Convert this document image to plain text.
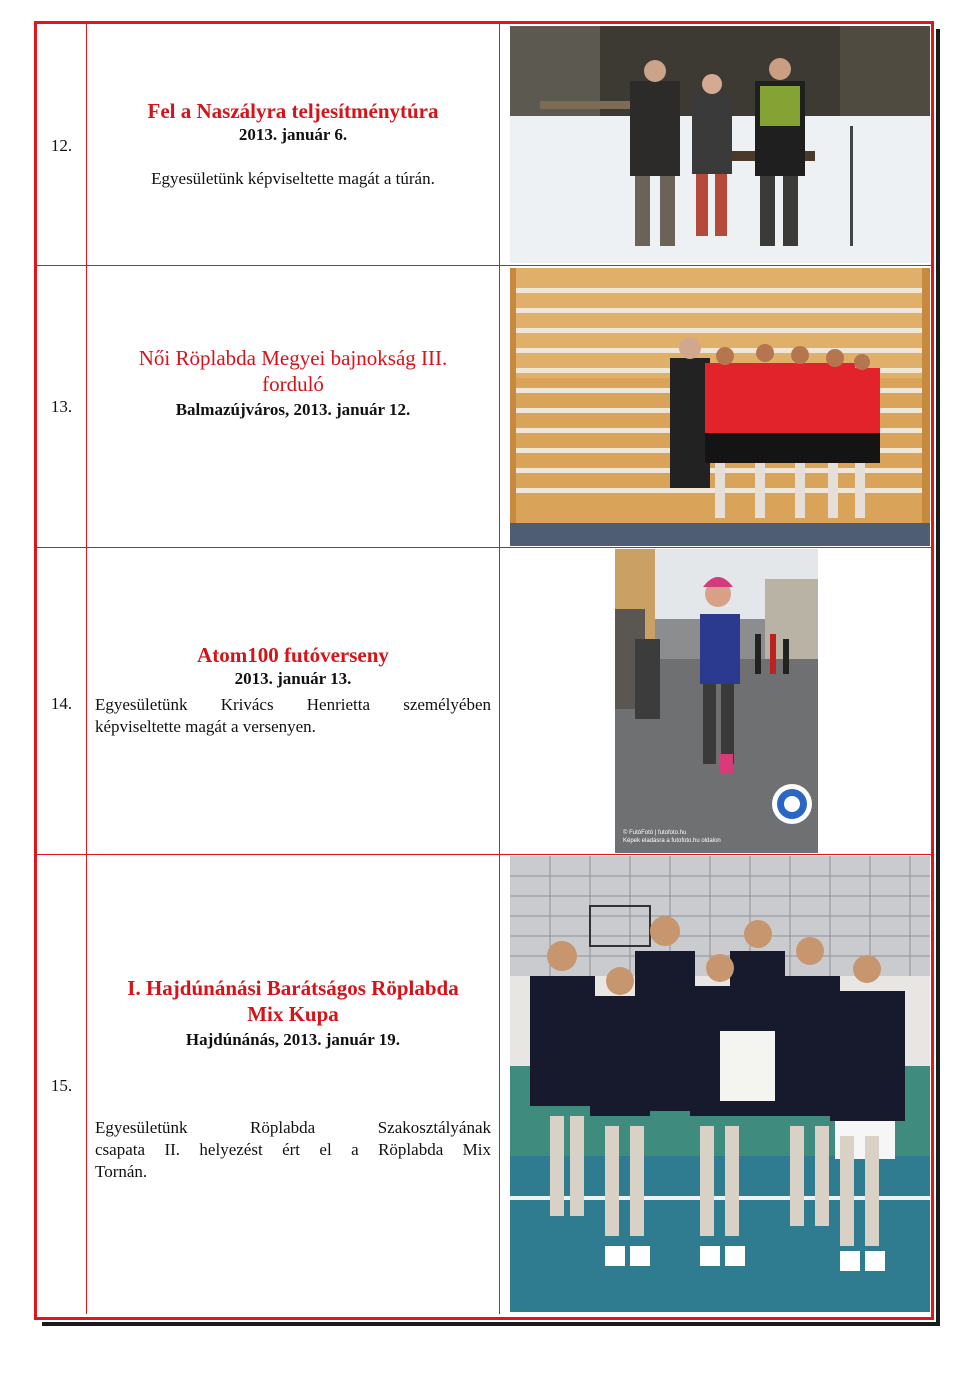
12.
Fel a Naszályra teljesítménytúra
2013. január 6.
Egyesületünk képviseltette magát a túrán.
13.
Női Röplabda Megyei bajnokság III.
forduló
Balmazújváros, 2013. január 12.
14.
Atom100 futóverseny
2013. január 13.
Egyesületünk Krivács Henrietta személyében
képviseltette magát a versenyen.
© FutóFotó | futofoto.hu
Képek eladásra a futofoto.hu oldalon
15.
I. Hajdúnánási Barátságos Röplabda
Mix Kupa
Hajdúnánás, 2013. január 19.
Egyesületünk Röplabda Szakosztályának
csapata II. helyezést ért el a Röplabda Mix
Tornán.
